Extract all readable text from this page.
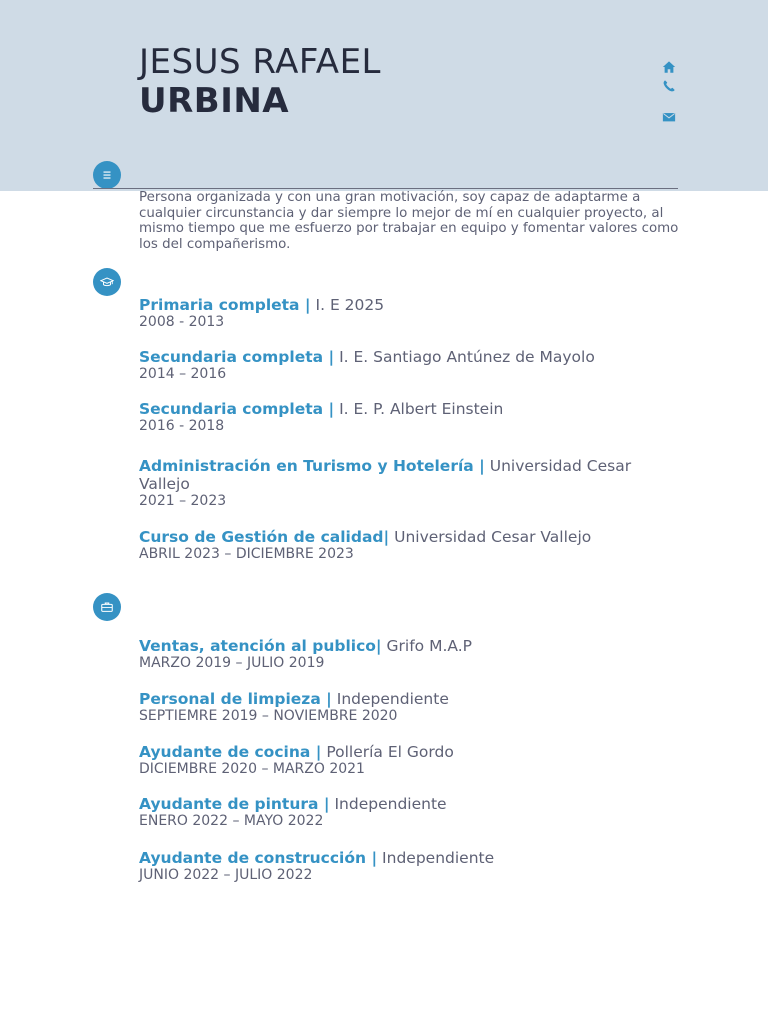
JESUS RAFAEL
URBINA
Persona organizada y con una gran motivación, soy capaz de adaptarme a cualquier circunstancia y dar siempre lo mejor de mí en cualquier proyecto, al mismo tiempo que me esfuerzo por trabajar en equipo y fomentar valores como los del compañerismo.
Primaria completa | I. E 2025
2008 - 2013
Secundaria completa | I. E. Santiago Antúnez de Mayolo
2014 – 2016
Secundaria completa | I. E. P. Albert Einstein
2016 - 2018
Administración en Turismo y Hotelería | Universidad Cesar Vallejo
2021 – 2023
Curso de Gestión de calidad| Universidad Cesar Vallejo
ABRIL 2023 – DICIEMBRE 2023
Ventas, atención al publico| Grifo M.A.P
MARZO 2019 – JULIO 2019
Personal de limpieza | Independiente
SEPTIEMRE 2019 – NOVIEMBRE 2020
Ayudante de cocina | Pollería El Gordo
DICIEMBRE 2020 – MARZO 2021
Ayudante de pintura | Independiente
ENERO 2022 – MAYO 2022
Ayudante de construcción | Independiente
JUNIO 2022 – JULIO 2022
